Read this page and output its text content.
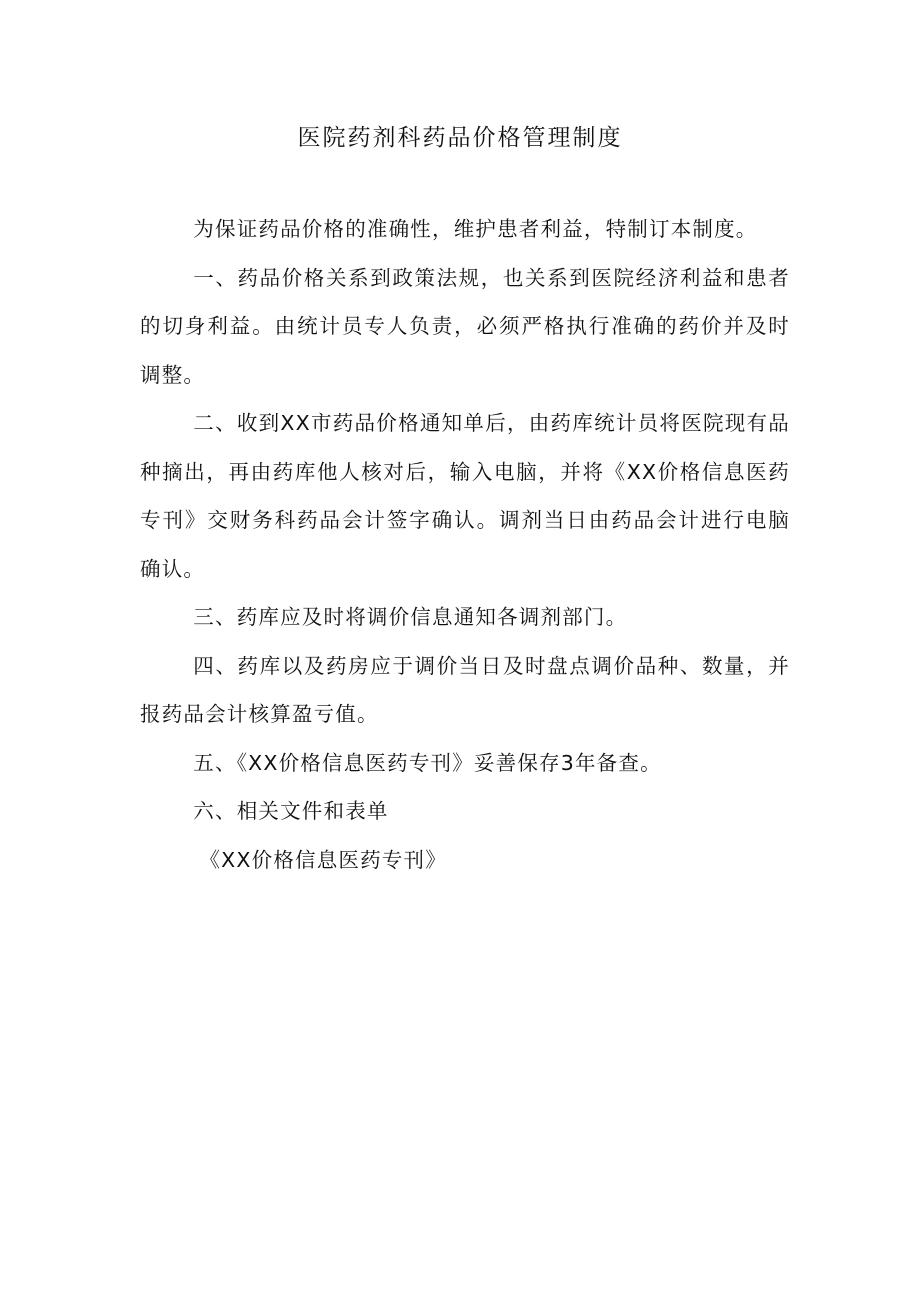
医院药剂科药品价格管理制度

为保证药品价格的准确性，维护患者利益，特制订本制度。

一、药品价格关系到政策法规，也关系到医院经济利益和患者的切身利益。由统计员专人负责，必须严格执行准确的药价并及时调整。

二、收到XX市药品价格通知单后，由药库统计员将医院现有品种摘出，再由药库他人核对后，输入电脑，并将《XX价格信息医药专刊》交财务科药品会计签字确认。调剂当日由药品会计进行电脑确认。

三、药库应及时将调价信息通知各调剂部门。

四、药库以及药房应于调价当日及时盘点调价品种、数量，并报药品会计核算盈亏值。

五、《XX价格信息医药专刊》妥善保存3年备查。

六、相关文件和表单

《XX价格信息医药专刊》
